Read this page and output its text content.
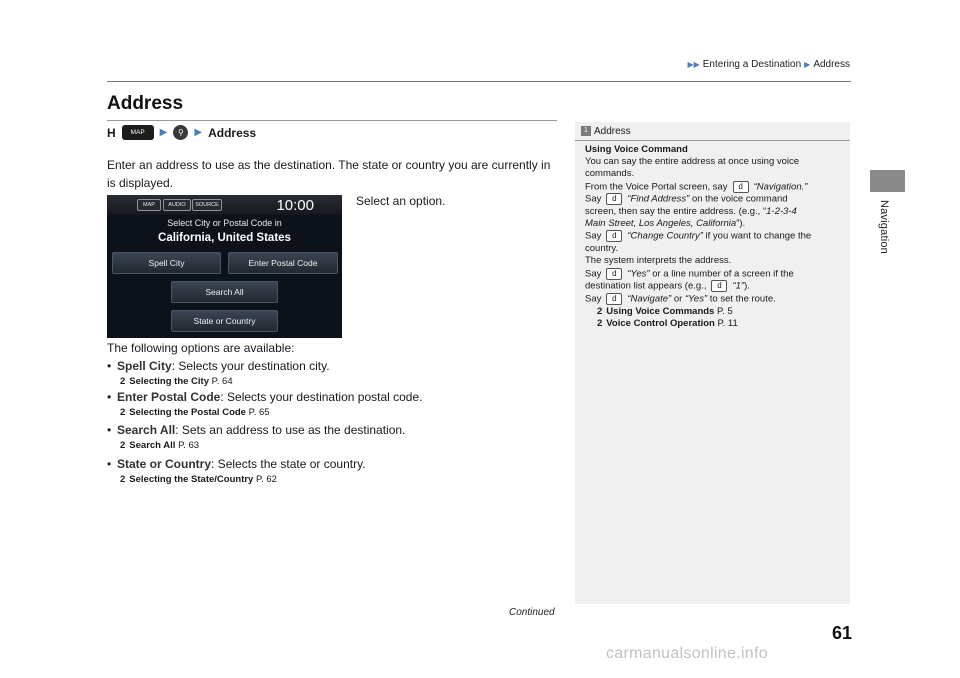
▶▶ Entering a Destination ▶ Address
Navigation
Address
H	MAP	▶	⚲	▶ Address
Enter an address to use as the destination. The state or country you are currently in is displayed.
Select an option.
MAP	AUDIO	SOURCE	10:00
Select City or Postal Code in
California, United States
Spell City	Enter Postal Code
Search All
State or Country
The following options are available:
• Spell City: Selects your destination city.
2 Selecting the City P. 64
• Enter Postal Code: Selects your destination postal code.
2 Selecting the Postal Code P. 65
• Search All: Sets an address to use as the destination.
2 Search All P. 63
• State or Country: Selects the state or country.
2 Selecting the State/Country P. 62
1 Address
Using Voice Command
You can say the entire address at once using voice
commands.
From the Voice Portal screen, say d “Navigation.”
Say d “Find Address” on the voice command
screen, then say the entire address. (e.g., “1-2-3-4
Main Street, Los Angeles, California”).
Say d “Change Country” if you want to change the
country.
The system interprets the address.
Say d “Yes” or a line number of a screen if the
destination list appears (e.g., d “1”).
Say d “Navigate” or “Yes” to set the route.
2 Using Voice Commands P. 5
2 Voice Control Operation P. 11
Continued
61
carmanualsonline.info
